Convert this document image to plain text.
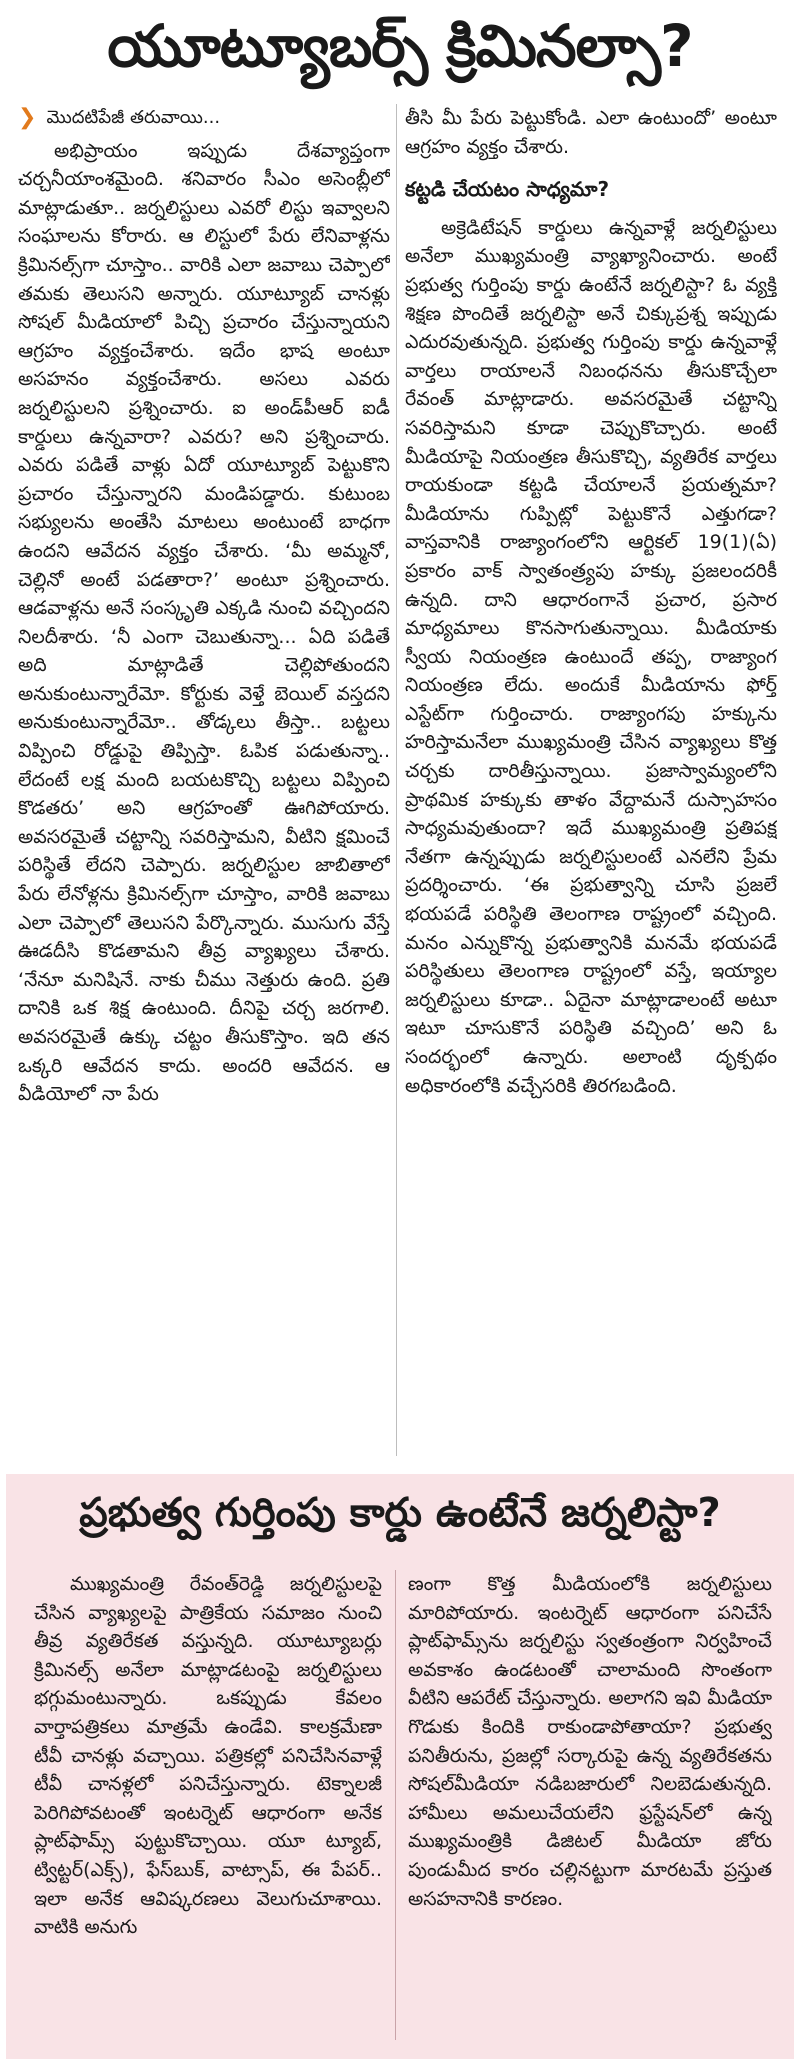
యూట్యూబర్స్ క్రిమినల్సా?
❯ మొదటిపేజీ తరువాయి...

అభిప్రాయం ఇప్పుడు దేశవ్యాప్తంగా చర్చనీయాంశమైంది. శనివారం సీఎం అసెంబ్లీలో మాట్లాడుతూ.. జర్నలిస్టులు ఎవరో లిస్టు ఇవ్వాలని సంఘాలను కోరారు. ఆ లిస్టులో పేరు లేనివాళ్లను క్రిమినల్స్‌గా చూస్తాం.. వారికి ఎలా జవాబు చెప్పాలో తమకు తెలుసని అన్నారు. యూట్యూబ్ చానళ్లు సోషల్ మీడియాలో పిచ్చి ప్రచారం చేస్తున్నాయని ఆగ్రహం వ్యక్తంచేశారు. ఇదేం భాష అంటూ అసహనం వ్యక్తంచేశారు. అసలు ఎవరు జర్నలిస్టులని ప్రశ్నించారు. ఐ అండ్‌పీఆర్ ఐడీ కార్డులు ఉన్నవారా? ఎవరు? అని ప్రశ్నించారు. ఎవరు పడితే వాళ్లు ఏదో యూట్యూబ్ పెట్టుకొని ప్రచారం చేస్తున్నారని మండిపడ్డారు. కుటుంబ సభ్యులను అంతేసి మాటలు అంటుంటే బాధగా ఉందని ఆవేదన వ్యక్తం చేశారు. ‘మీ అమ్మనో, చెల్లినో అంటే పడతారా?’ అంటూ ప్రశ్నించారు. ఆడవాళ్లను అనే సంస్కృతి ఎక్కడి నుంచి వచ్చిందని నిలదీశారు. ‘నీ ఎంగా చెబుతున్నా... ఏది పడితే అది మాట్లాడితే చెల్లిపోతుందని అనుకుంటున్నారేమో. కోర్టుకు వెళ్తే బెయిల్ వస్తదని అనుకుంటున్నారేమో.. తోడ్కలు తీస్తా.. బట్టలు విప్పించి రోడ్డుపై తిప్పిస్తా. ఓపిక పడుతున్నా.. లేదంటే లక్ష మంది బయటకొచ్చి బట్టలు విప్పించి కొడతరు’ అని ఆగ్రహంతో ఊగిపోయారు. అవసరమైతే చట్టాన్ని సవరిస్తామని, వీటిని క్షమించే పరిస్థితే లేదని చెప్పారు. జర్నలిస్టుల జాబితాలో పేరు లేనోళ్లను క్రిమినల్స్‌గా చూస్తాం, వారికి జవాబు ఎలా చెప్పాలో తెలుసని పేర్కొన్నారు. ముసుగు వేస్తే ఊడదీసి కొడతామని తీవ్ర వ్యాఖ్యలు చేశారు. ‘నేనూ మనిషినే. నాకు చీము నెత్తురు ఉంది. ప్రతి దానికి ఒక శిక్ష ఉంటుంది. దీనిపై చర్చ జరగాలి. అవసరమైతే ఉక్కు చట్టం తీసుకొస్తాం. ఇది తన ఒక్కరి ఆవేదన కాదు. అందరి ఆవేదన. ఆ వీడియోలో నా పేరు

తీసి మీ పేరు పెట్టుకోండి. ఎలా ఉంటుందో’ అంటూ ఆగ్రహం వ్యక్తం చేశారు.

కట్టడి చేయటం సాధ్యమా?

అక్రెడిటేషన్ కార్డులు ఉన్నవాళ్లే జర్నలిస్టులు అనేలా ముఖ్యమంత్రి వ్యాఖ్యానించారు. అంటే ప్రభుత్వ గుర్తింపు కార్డు ఉంటేనే జర్నలిస్టా? ఓ వ్యక్తి శిక్షణ పొందితే జర్నలిస్టా అనే చిక్కుప్రశ్న ఇప్పుడు ఎదురవుతున్నది. ప్రభుత్వ గుర్తింపు కార్డు ఉన్నవాళ్లే వార్తలు రాయాలనే నిబంధనను తీసుకొచ్చేలా రేవంత్ మాట్లాడారు. అవసరమైతే చట్టాన్ని సవరిస్తామని కూడా చెప్పుకొచ్చారు. అంటే మీడియాపై నియంత్రణ తీసుకొచ్చి, వ్యతిరేక వార్తలు రాయకుండా కట్టడి చేయాలనే ప్రయత్నమా? మీడియాను గుప్పిట్లో పెట్టుకొనే ఎత్తుగడా? వాస్తవానికి రాజ్యాంగంలోని ఆర్టికల్ 19(1)(ఏ) ప్రకారం వాక్ స్వాతంత్ర్యపు హక్కు ప్రజలందరికీ ఉన్నది. దాని ఆధారంగానే ప్రచార, ప్రసార మాధ్యమాలు కొనసాగుతున్నాయి. మీడియాకు స్వీయ నియంత్రణ ఉంటుందే తప్ప, రాజ్యాంగ నియంత్రణ లేదు. అందుకే మీడియాను ఫోర్త్ ఎస్టేట్‌గా గుర్తించారు. రాజ్యాంగపు హక్కును హరిస్తామనేలా ముఖ్యమంత్రి చేసిన వ్యాఖ్యలు కొత్త చర్చకు దారితీస్తున్నాయి. ప్రజాస్వామ్యంలోని ప్రాథమిక హక్కుకు తాళం వేద్దామనే దుస్సాహసం సాధ్యమవుతుందా? ఇదే ముఖ్యమంత్రి ప్రతిపక్ష నేతగా ఉన్నప్పుడు జర్నలిస్టులంటే ఎనలేని ప్రేమ ప్రదర్శించారు. ‘ఈ ప్రభుత్వాన్ని చూసి ప్రజలే భయపడే పరిస్థితి తెలంగాణ రాష్ట్రంలో వచ్చింది. మనం ఎన్నుకొన్న ప్రభుత్వానికి మనమే భయపడే పరిస్థితులు తెలంగాణ రాష్ట్రంలో వస్తే, ఇయ్యాల జర్నలిస్టులు కూడా.. ఏదైనా మాట్లాడాలంటే అటూ ఇటూ చూసుకొనే పరిస్థితి వచ్చింది’ అని ఓ సందర్భంలో ఉన్నారు. అలాంటి దృక్పథం అధికారంలోకి వచ్చేసరికి తిరగబడింది.

ప్రభుత్వ గుర్తింపు కార్డు ఉంటేనే జర్నలిస్టా?

ముఖ్యమంత్రి రేవంత్‌రెడ్డి జర్నలిస్టులపై చేసిన వ్యాఖ్యలపై పాత్రికేయ సమాజం నుంచి తీవ్ర వ్యతిరేకత వస్తున్నది. యూట్యూబర్లు క్రిమినల్స్ అనేలా మాట్లాడటంపై జర్నలిస్టులు భగ్గుమంటున్నారు. ఒకప్పుడు కేవలం వార్తాపత్రికలు మాత్రమే ఉండేవి. కాలక్రమేణా టీవీ చానళ్లు వచ్చాయి. పత్రికల్లో పనిచేసినవాళ్లే టీవీ చానళ్లలో పనిచేస్తున్నారు. టెక్నాలజీ పెరిగిపోవటంతో ఇంటర్నెట్ ఆధారంగా అనేక ప్లాట్‌ఫామ్స్ పుట్టుకొచ్చాయి. యూ ట్యూబ్, ట్విట్టర్(ఎక్స్), ఫేస్‌బుక్, వాట్సాప్, ఈ పేపర్.. ఇలా అనేక ఆవిష్కరణలు వెలుగుచూశాయి. వాటికి అనుగు

ణంగా కొత్త మీడియంలోకి జర్నలిస్టులు మారిపోయారు. ఇంటర్నెట్ ఆధారంగా పనిచేసే ప్లాట్‌ఫామ్స్‌ను జర్నలిస్టు స్వతంత్రంగా నిర్వహించే అవకాశం ఉండటంతో చాలామంది సొంతంగా వీటిని ఆపరేట్ చేస్తున్నారు. అలాగని ఇవి మీడియా గొడుకు కిందికి రాకుండాపోతాయా? ప్రభుత్వ పనితీరును, ప్రజల్లో సర్కారుపై ఉన్న వ్యతిరేకతను సోషల్‌మీడియా నడిబజారులో నిలబెడుతున్నది. హామీలు అమలుచేయలేని ఫ్రస్టేషన్‌లో ఉన్న ముఖ్యమంత్రికి డిజిటల్ మీడియా జోరు పుండుమీద కారం చల్లినట్టుగా మారటమే ప్రస్తుత అసహనానికి కారణం.
